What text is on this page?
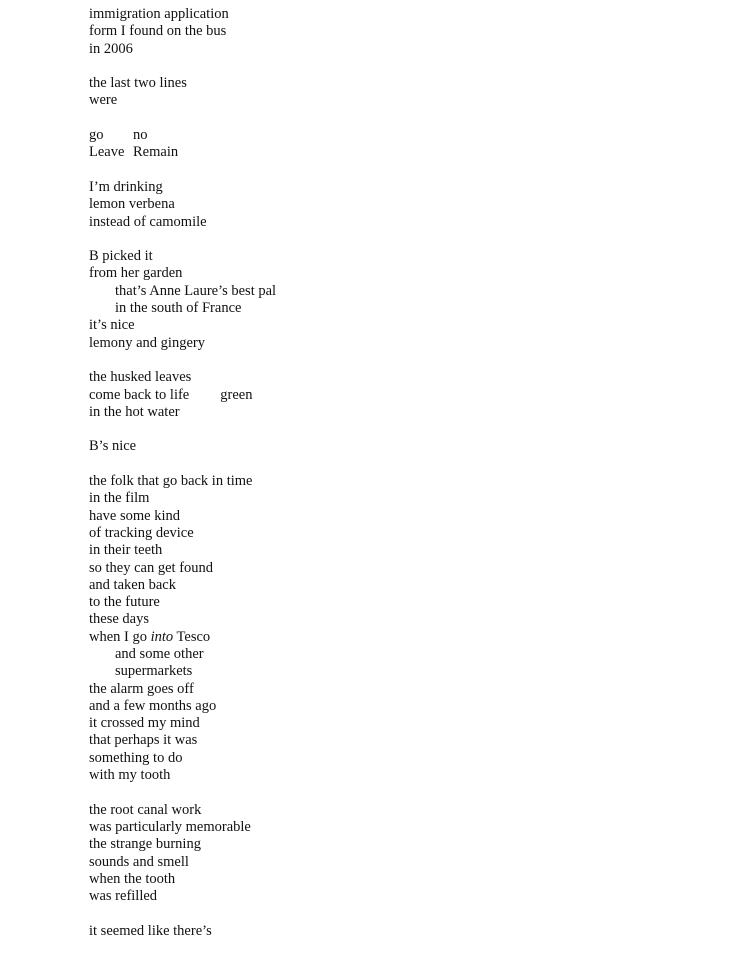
immigration application
form I found on the bus
in 2006
the last two lines
were
go no
Leave Remain
I’m drinking
lemon verbena
instead of camomile
B picked it
from her garden
that’s Anne Laure’s best pal
in the south of France
it’s nice
lemony and gingery
the husked leaves
come back to life green
in the hot water
B’s nice
the folk that go back in time
in the film
have some kind
of tracking device
in their teeth
so they can get found
and taken back
to the future
these days
when I go into Tesco
and some other
supermarkets
the alarm goes off
and a few months ago
it crossed my mind
that perhaps it was
something to do
with my tooth
the root canal work
was particularly memorable
the strange burning
sounds and smell
when the tooth
was refilled
it seemed like there’s
